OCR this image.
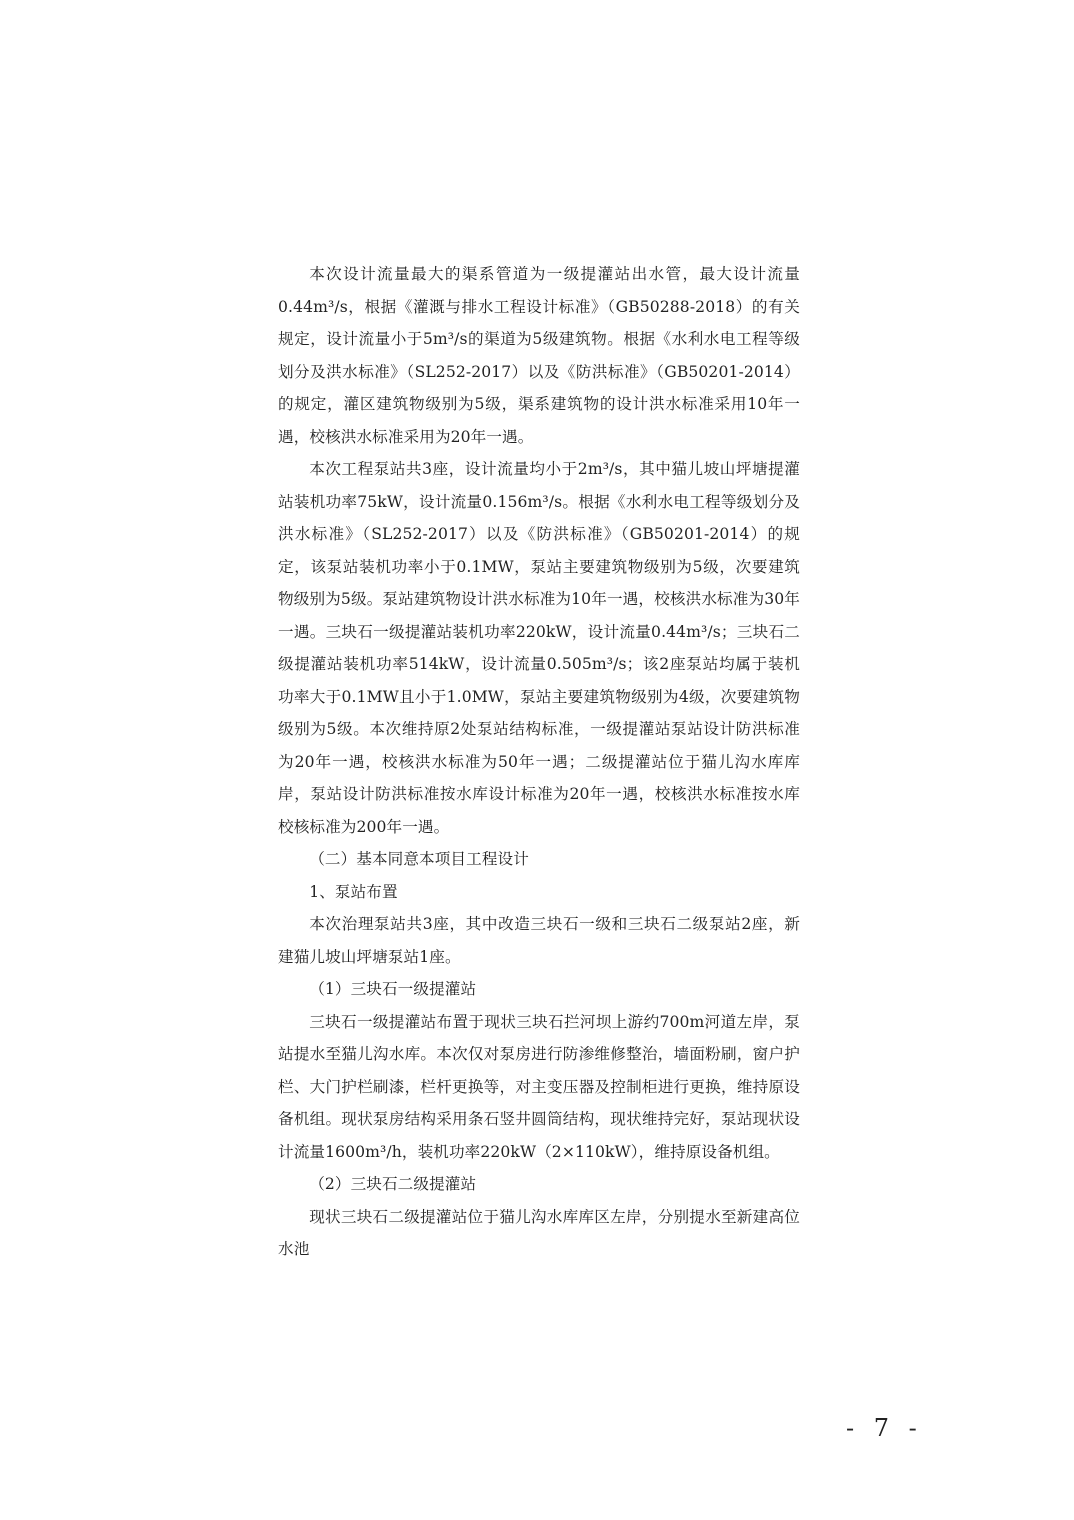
本次设计流量最大的渠系管道为一级提灌站出水管，最大设计流量0.44m³/s，根据《灌溉与排水工程设计标准》（GB50288-2018）的有关规定，设计流量小于5m³/s的渠道为5级建筑物。根据《水利水电工程等级划分及洪水标准》（SL252-2017）以及《防洪标准》（GB50201-2014）的规定，灌区建筑物级别为5级，渠系建筑物的设计洪水标准采用10年一遇，校核洪水标准采用为20年一遇。

本次工程泵站共3座，设计流量均小于2m³/s，其中猫儿坡山坪塘提灌站装机功率75kW，设计流量0.156m³/s。根据《水利水电工程等级划分及洪水标准》（SL252-2017）以及《防洪标准》（GB50201-2014）的规定，该泵站装机功率小于0.1MW，泵站主要建筑物级别为5级，次要建筑物级别为5级。泵站建筑物设计洪水标准为10年一遇，校核洪水标准为30年一遇。三块石一级提灌站装机功率220kW，设计流量0.44m³/s；三块石二级提灌站装机功率514kW，设计流量0.505m³/s；该2座泵站均属于装机功率大于0.1MW且小于1.0MW，泵站主要建筑物级别为4级，次要建筑物级别为5级。本次维持原2处泵站结构标准，一级提灌站泵站设计防洪标准为20年一遇，校核洪水标准为50年一遇；二级提灌站位于猫儿沟水库库岸，泵站设计防洪标准按水库设计标准为20年一遇，校核洪水标准按水库校核标准为200年一遇。

（二）基本同意本项目工程设计

1、泵站布置

本次治理泵站共3座，其中改造三块石一级和三块石二级泵站2座，新建猫儿坡山坪塘泵站1座。

（1）三块石一级提灌站

三块石一级提灌站布置于现状三块石拦河坝上游约700m河道左岸，泵站提水至猫儿沟水库。本次仅对泵房进行防渗维修整治，墙面粉刷，窗户护栏、大门护栏刷漆，栏杆更换等，对主变压器及控制柜进行更换，维持原设备机组。现状泵房结构采用条石竖井圆筒结构，现状维持完好，泵站现状设计流量1600m³/h，装机功率220kW（2×110kW），维持原设备机组。

（2）三块石二级提灌站

现状三块石二级提灌站位于猫儿沟水库库区左岸，分别提水至新建高位水池

- 7 -
